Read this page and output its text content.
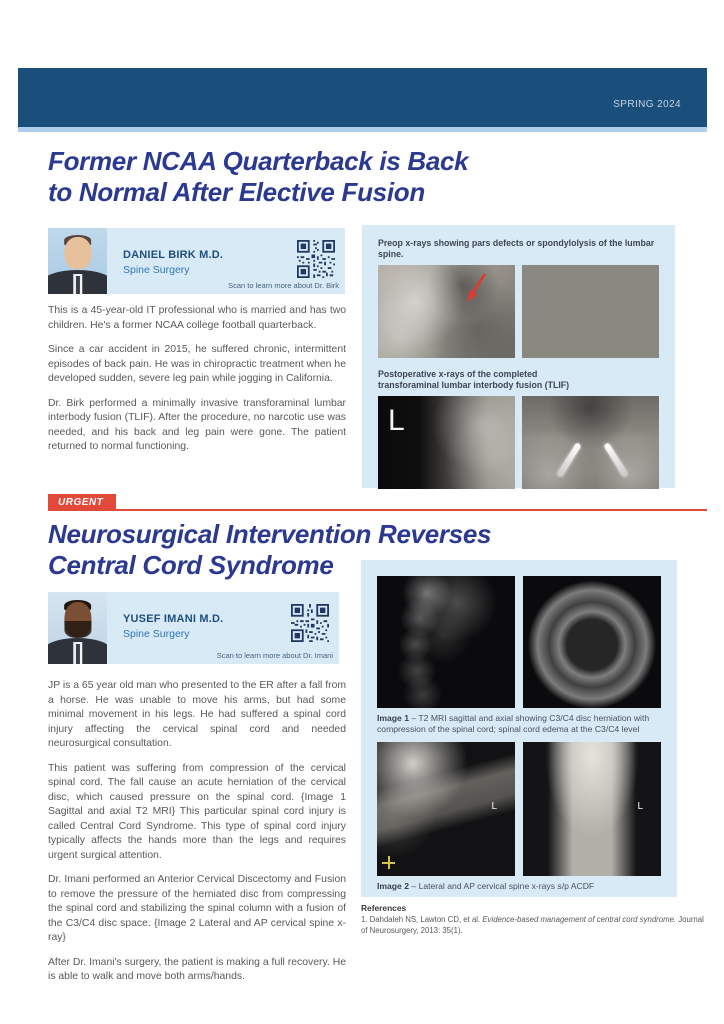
SPRING 2024
Former NCAA Quarterback is Back
to Normal After Elective Fusion
DANIEL BIRK M.D.
Spine Surgery
Scan to learn more about Dr. Birk

This is a 45-year-old IT professional who is married and has two children. He's a former NCAA college football quarterback.

Since a car accident in 2015, he suffered chronic, intermittent episodes of back pain. He was in chiropractic treatment when he developed sudden, severe leg pain while jogging in California.

Dr. Birk performed a minimally invasive transforaminal lumbar interbody fusion (TLIF). After the procedure, no narcotic use was needed, and his back and leg pain were gone. The patient returned to normal functioning.

Preop x-rays showing pars defects or spondylolysis of the lumbar spine.
Postoperative x-rays of the completed
transforaminal lumbar interbody fusion (TLIF)
L
URGENT
Neurosurgical Intervention Reverses
Central Cord Syndrome
YUSEF IMANI M.D.
Spine Surgery
Scan to learn more about Dr. Imani

JP is a 65 year old man who presented to the ER after a fall from a horse. He was unable to move his arms, but had some minimal movement in his legs. He had suffered a spinal cord injury affecting the cervical spinal cord and needed neurosurgical consultation.

This patient was suffering from compression of the cervical spinal cord. The fall cause an acute herniation of the cervical disc, which caused pressure on the spinal cord. {Image 1 Sagittal and axial T2 MRI} This particular spinal cord injury is called Central Cord Syndrome. This type of spinal cord injury typically affects the hands more than the legs and requires urgent surgical attention.

Dr. Imani performed an Anterior Cervical Discectomy and Fusion to remove the pressure of the herniated disc from compressing the spinal cord and stabilizing the spinal column with a fusion of the C3/C4 disc space. {Image 2 Lateral and AP cervical spine x-ray}

After Dr. Imani's surgery, the patient is making a full recovery. He is able to walk and move both arms/hands.

Image 1 – T2 MRI sagittal and axial showing C3/C4 disc herniation with compression of the spinal cord; spinal cord edema at the C3/C4 level
L	L
Image 2 – Lateral and AP cervical spine x-rays s/p ACDF
References
1. Dahdaleh NS, Lawton CD, et al. Evidence-based management of central cord syndrome. Journal of Neurosurgery, 2013: 35(1).
